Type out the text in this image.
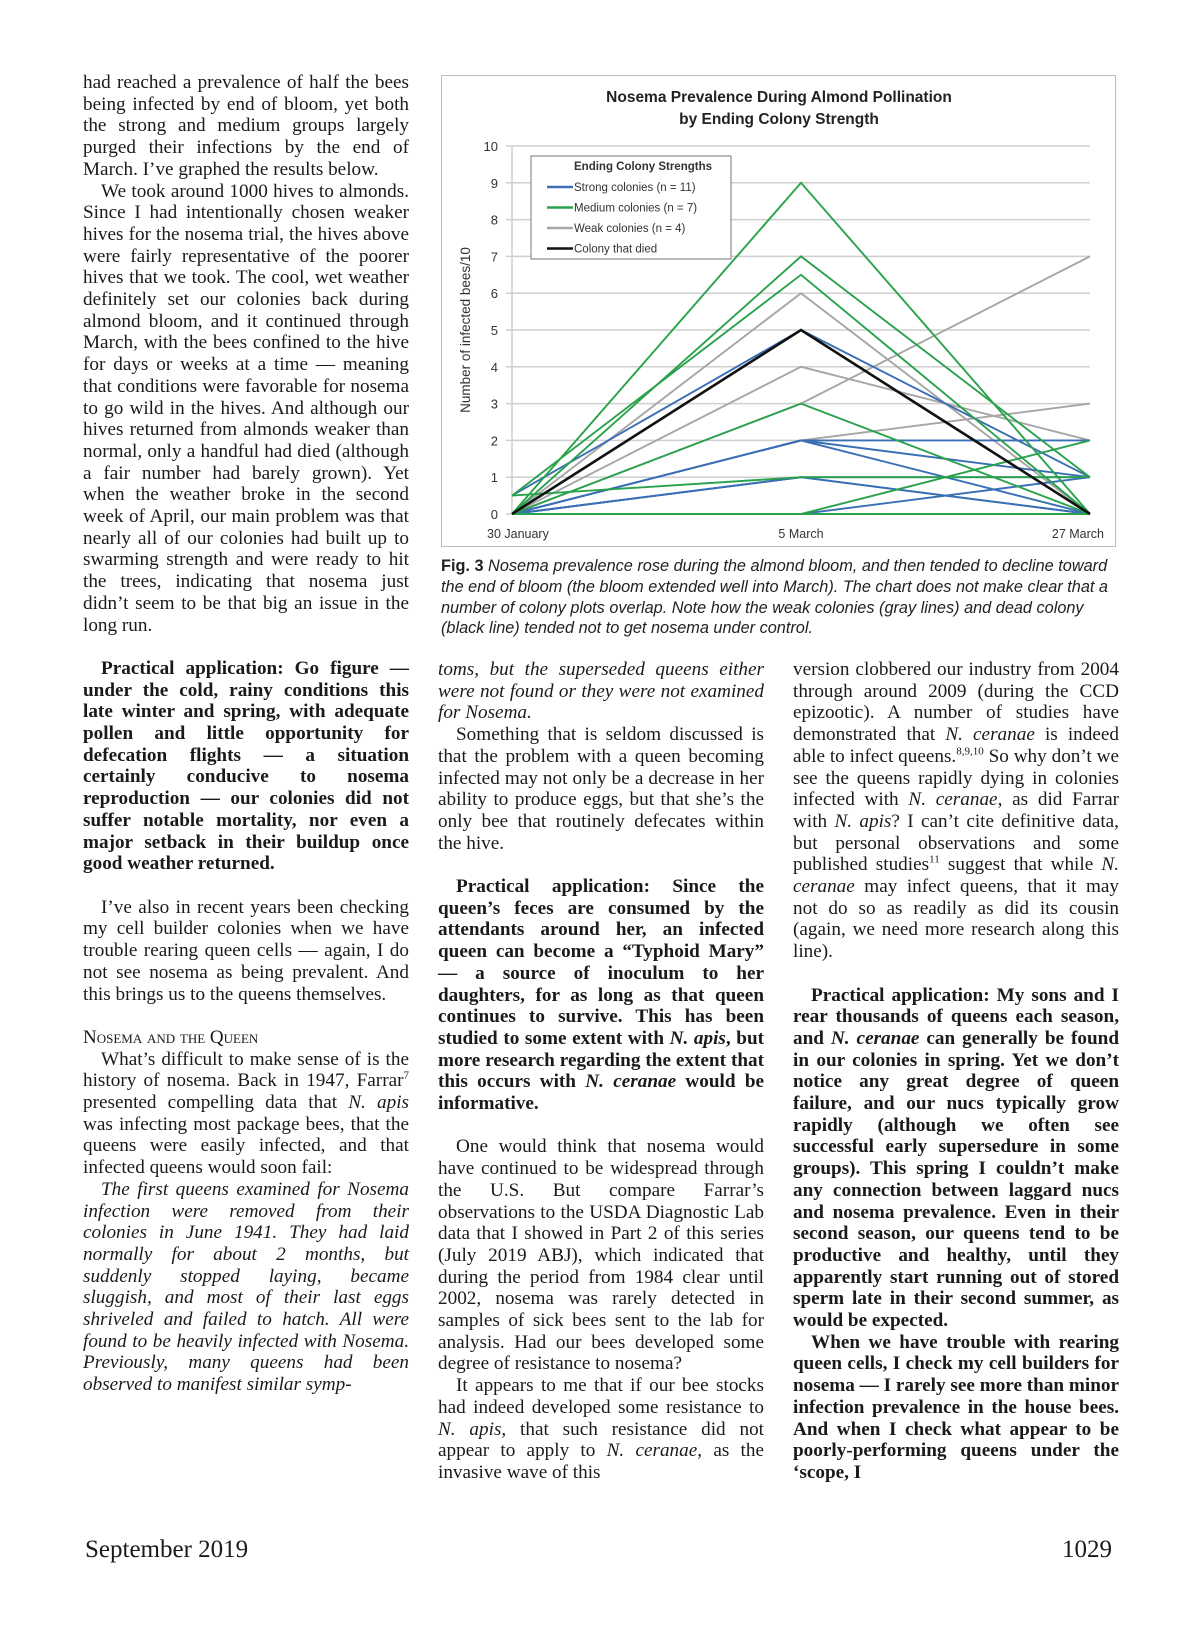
had reached a prevalence of half the bees being infected by end of bloom, yet both the strong and medium groups largely purged their infections by the end of March. I’ve graphed the results below.

We took around 1000 hives to almonds. Since I had intentionally chosen weaker hives for the nosema trial, the hives above were fairly representative of the poorer hives that we took. The cool, wet weather definitely set our colonies back during almond bloom, and it continued through March, with the bees confined to the hive for days or weeks at a time — meaning that conditions were favorable for nosema to go wild in the hives. And although our hives returned from almonds weaker than normal, only a handful had died (although a fair number had barely grown). Yet when the weather broke in the second week of April, our main problem was that nearly all of our colonies had built up to swarming strength and were ready to hit the trees, indicating that nosema just didn’t seem to be that big an issue in the long run.

Practical application: Go figure — under the cold, rainy conditions this late winter and spring, with adequate pollen and little opportunity for defecation flights — a situation certainly conducive to nosema reproduction — our colonies did not suffer notable mortality, nor even a major setback in their buildup once good weather returned.

I’ve also in recent years been checking my cell builder colonies when we have trouble rearing queen cells — again, I do not see nosema as being prevalent. And this brings us to the queens themselves.

Nosema and the Queen

What’s difficult to make sense of is the history of nosema. Back in 1947, Farrar$^7$ presented compelling data that N. apis was infecting most package bees, that the queens were easily infected, and that infected queens would soon fail:

The first queens examined for Nosema infection were removed from their colonies in June 1941. They had laid normally for about 2 months, but suddenly stopped laying, became sluggish, and most of their last eggs shriveled and failed to hatch. All were found to be heavily infected with Nosema. Previously, many queens had been observed to manifest similar symp-

Nosema Prevalence During Almond Pollination
by Ending Colony Strength
0
1
2
3
4
5
6
7
8
9
10
Number of infected bees/10
30 January	5 March	27 March
Ending Colony Strengths
Strong colonies (n = 11)
Medium colonies (n = 7)
Weak colonies (n = 4)
Colony that died
Fig. 3 Nosema prevalence rose during the almond bloom, and then tended to decline toward the end of bloom (the bloom extended well into March). The chart does not make clear that a number of colony plots overlap. Note how the weak colonies (gray lines) and dead colony (black line) tended not to get nosema under control.

toms, but the superseded queens either were not found or they were not examined for Nosema.

Something that is seldom discussed is that the problem with a queen becoming infected may not only be a decrease in her ability to produce eggs, but that she’s the only bee that routinely defecates within the hive.

Practical application: Since the queen’s feces are consumed by the attendants around her, an infected queen can become a “Typhoid Mary” — a source of inoculum to her daughters, for as long as that queen continues to survive. This has been studied to some extent with N. apis, but more research regarding the extent that this occurs with N. ceranae would be informative.

One would think that nosema would have continued to be widespread through the U.S. But compare Farrar’s observations to the USDA Diagnostic Lab data that I showed in Part 2 of this series (July 2019 ABJ), which indicated that during the period from 1984 clear until 2002, nosema was rarely detected in samples of sick bees sent to the lab for analysis. Had our bees developed some degree of resistance to nosema?

It appears to me that if our bee stocks had indeed developed some resistance to N. apis, that such resistance did not appear to apply to N. ceranae, as the invasive wave of this

version clobbered our industry from 2004 through around 2009 (during the CCD epizootic). A number of studies have demonstrated that N. ceranae is indeed able to infect queens.$^{8,9,10}$ So why don’t we see the queens rapidly dying in colonies infected with N. ceranae, as did Farrar with N. apis? I can’t cite definitive data, but personal observations and some published studies$^{11}$ suggest that while N. ceranae may infect queens, that it may not do so as readily as did its cousin (again, we need more research along this line).

Practical application: My sons and I rear thousands of queens each season, and N. ceranae can generally be found in our colonies in spring. Yet we don’t notice any great degree of queen failure, and our nucs typically grow rapidly (although we often see successful early supersedure in some groups). This spring I couldn’t make any connection between laggard nucs and nosema prevalence. Even in their second season, our queens tend to be productive and healthy, until they apparently start running out of stored sperm late in their second summer, as would be expected.

When we have trouble with rearing queen cells, I check my cell builders for nosema — I rarely see more than minor infection prevalence in the house bees. And when I check what appear to be poorly-performing queens under the ‘scope, I

September 2019	1029
